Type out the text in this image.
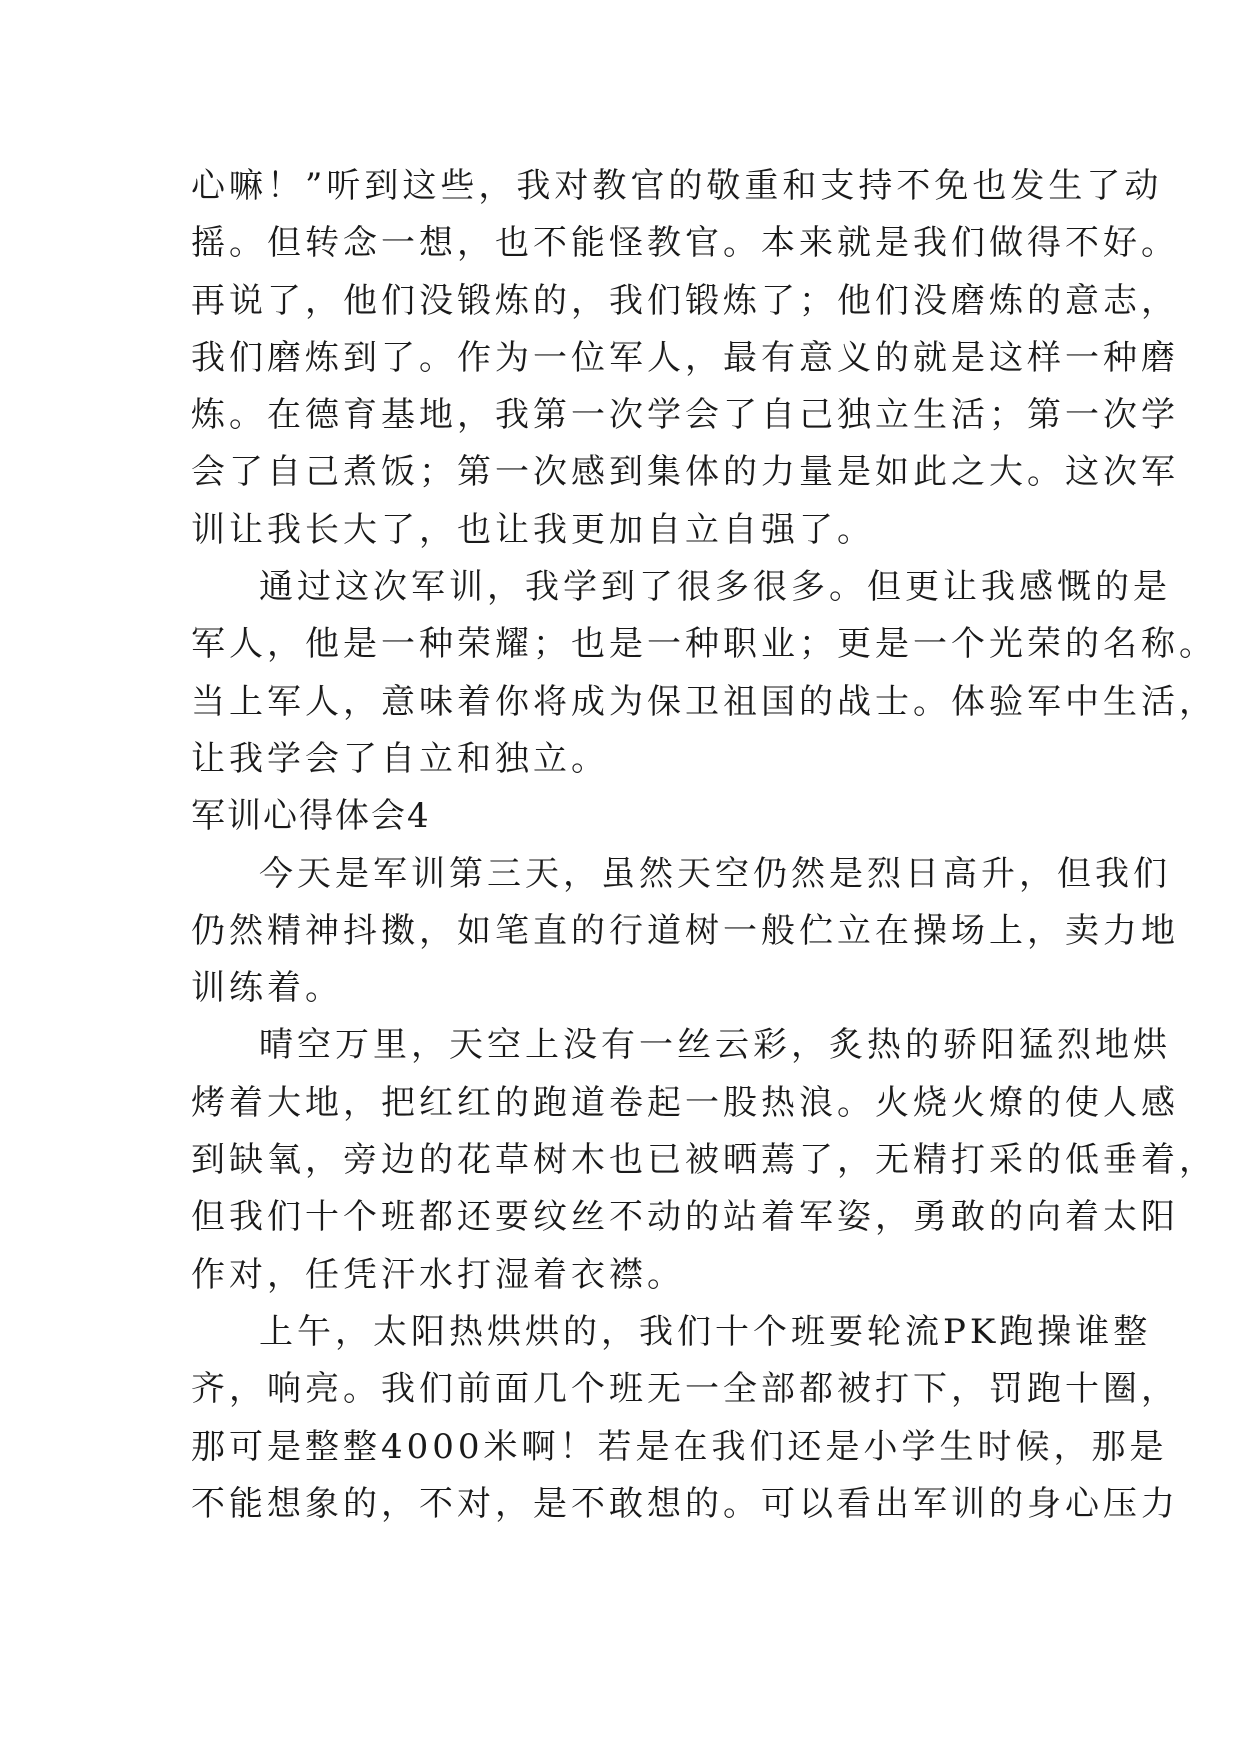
心嘛！”听到这些，我对教官的敬重和支持不免也发生了动

摇。但转念一想，也不能怪教官。本来就是我们做得不好。

再说了，他们没锻炼的，我们锻炼了；他们没磨炼的意志，

我们磨炼到了。作为一位军人，最有意义的就是这样一种磨

炼。在德育基地，我第一次学会了自己独立生活；第一次学

会了自己煮饭；第一次感到集体的力量是如此之大。这次军

训让我长大了，也让我更加自立自强了。

通过这次军训，我学到了很多很多。但更让我感慨的是

军人，他是一种荣耀；也是一种职业；更是一个光荣的名称。

当上军人，意味着你将成为保卫祖国的战士。体验军中生活，

让我学会了自立和独立。

军训心得体会4

今天是军训第三天，虽然天空仍然是烈日高升，但我们

仍然精神抖擞，如笔直的行道树一般伫立在操场上，卖力地

训练着。

晴空万里，天空上没有一丝云彩，炙热的骄阳猛烈地烘

烤着大地，把红红的跑道卷起一股热浪。火烧火燎的使人感

到缺氧，旁边的花草树木也已被晒蔫了，无精打采的低垂着，

但我们十个班都还要纹丝不动的站着军姿，勇敢的向着太阳

作对，任凭汗水打湿着衣襟。

上午，太阳热烘烘的，我们十个班要轮流PK跑操谁整

齐，响亮。我们前面几个班无一全部都被打下，罚跑十圈，

那可是整整4000米啊！若是在我们还是小学生时候，那是

不能想象的，不对，是不敢想的。可以看出军训的身心压力
